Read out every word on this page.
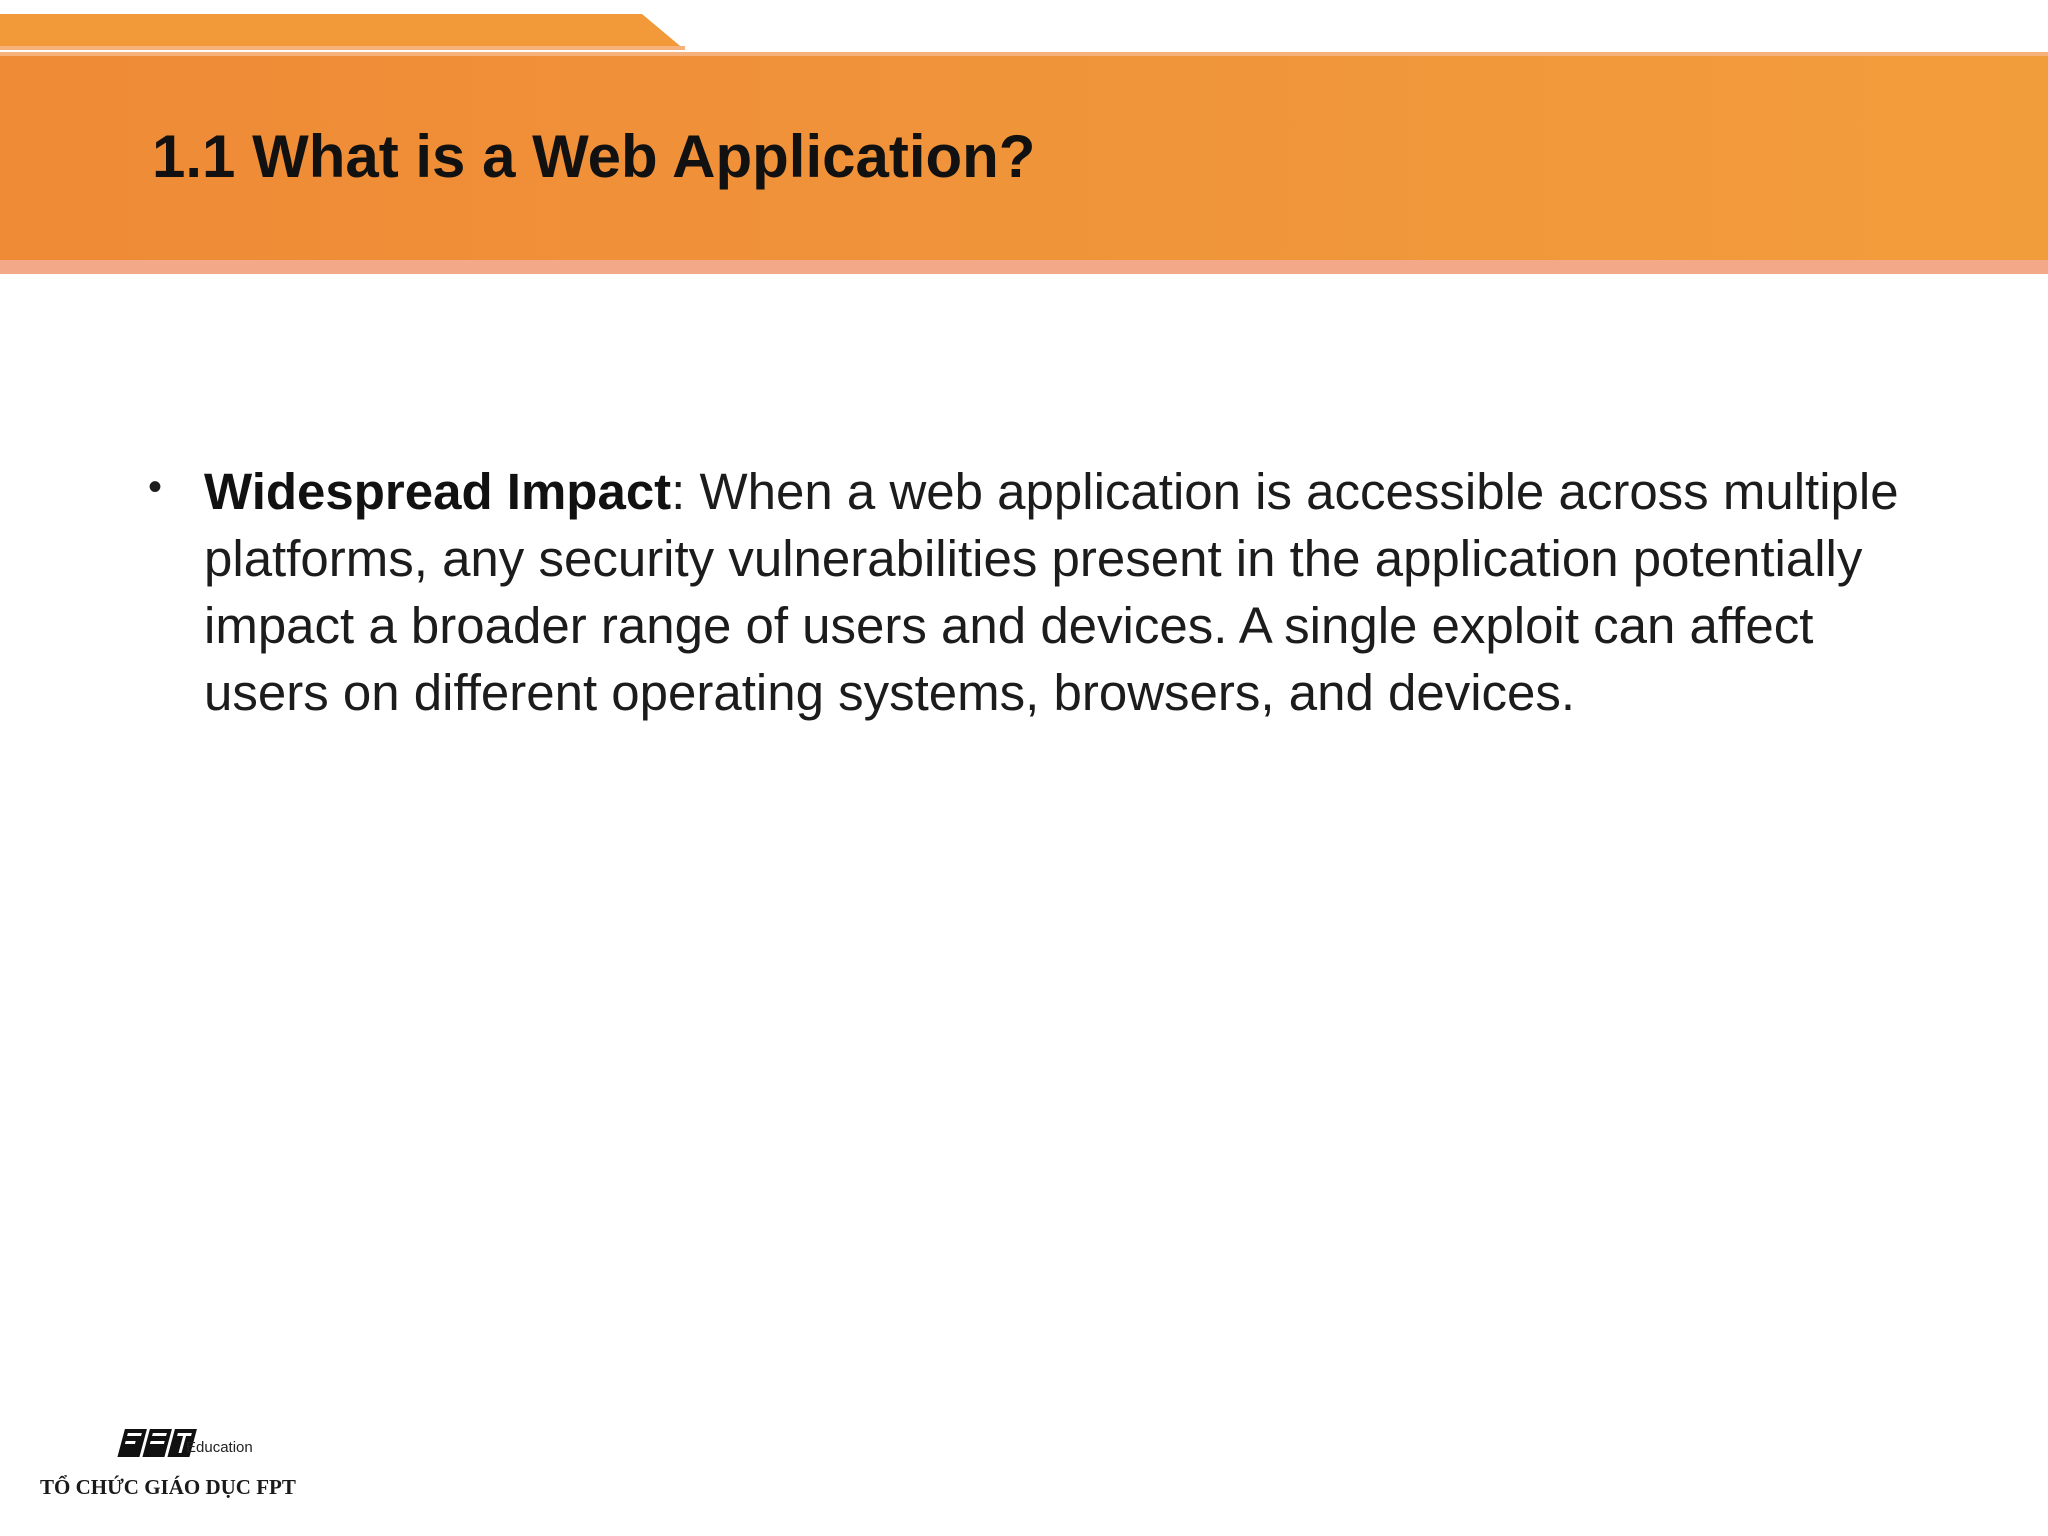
1.1 What is a Web Application?
• Widespread Impact: When a web application is accessible across multiple platforms, any security vulnerabilities present in the application potentially impact a broader range of users and devices. A single exploit can affect users on different operating systems, browsers, and devices.
Education
TỔ CHỨC GIÁO DỤC FPT
